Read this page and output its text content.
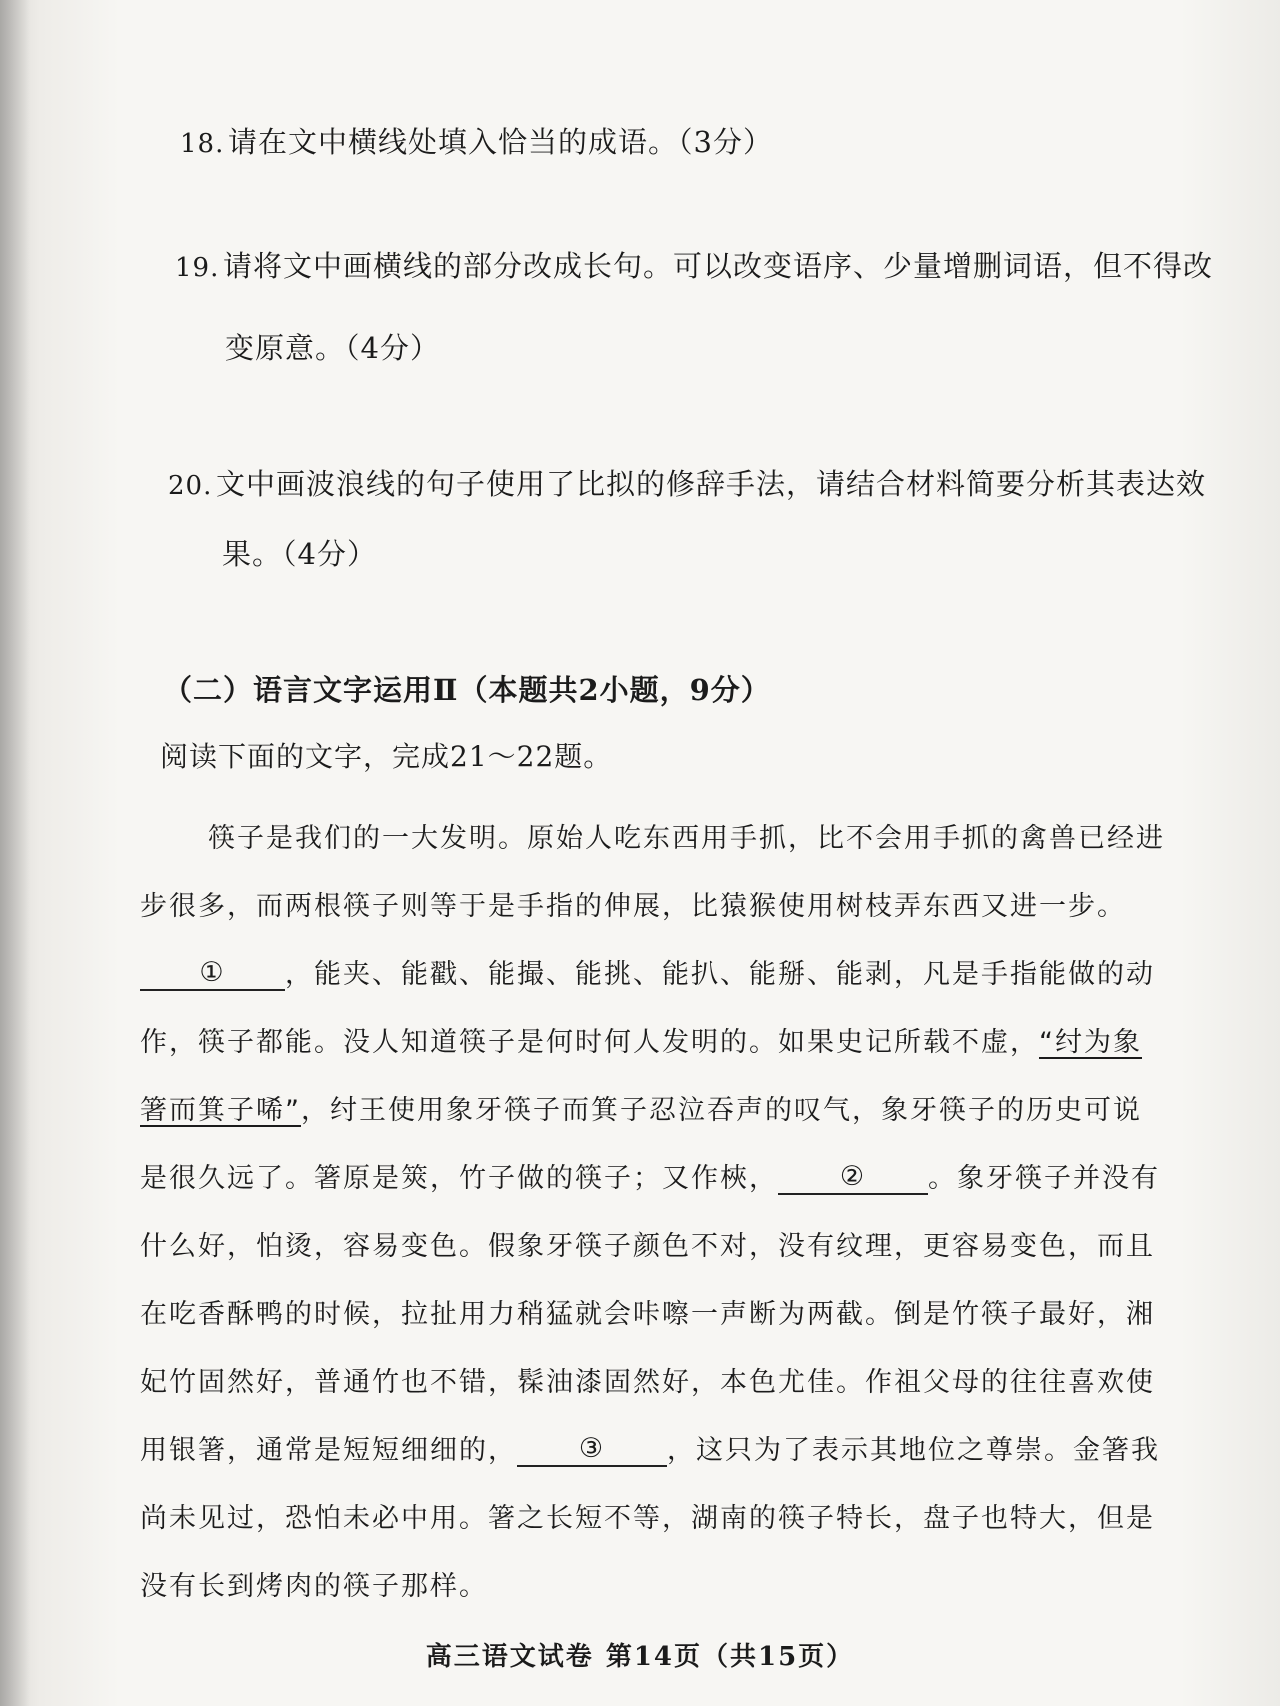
18. 请在文中横线处填入恰当的成语。（3分）
19. 请将文中画横线的部分改成长句。可以改变语序、少量增删词语，但不得改
变原意。（4分）
20. 文中画波浪线的句子使用了比拟的修辞手法，请结合材料简要分析其表达效
果。（4分）
（二）语言文字运用Ⅱ（本题共2小题，9分）
阅读下面的文字，完成21～22题。
筷子是我们的一大发明。原始人吃东西用手抓，比不会用手抓的禽兽已经进
步很多，而两根筷子则等于是手指的伸展，比猿猴使用树枝弄东西又进一步。
① ，能夹、能戳、能撮、能挑、能扒、能掰、能剥，凡是手指能做的动
作，筷子都能。没人知道筷子是何时何人发明的。如果史记所载不虚，“纣为象
箸而箕子唏”，纣王使用象牙筷子而箕子忍泣吞声的叹气，象牙筷子的历史可说
是很久远了。箸原是筴，竹子做的筷子；又作梜， ② 。象牙筷子并没有
什么好，怕烫，容易变色。假象牙筷子颜色不对，没有纹理，更容易变色，而且
在吃香酥鸭的时候，拉扯用力稍猛就会咔嚓一声断为两截。倒是竹筷子最好，湘
妃竹固然好，普通竹也不错，髹油漆固然好，本色尤佳。作祖父母的往往喜欢使
用银箸，通常是短短细细的， ③ ，这只为了表示其地位之尊崇。金箸我
尚未见过，恐怕未必中用。箸之长短不等，湖南的筷子特长，盘子也特大，但是
没有长到烤肉的筷子那样。
高三语文试卷 第14页（共15页）
